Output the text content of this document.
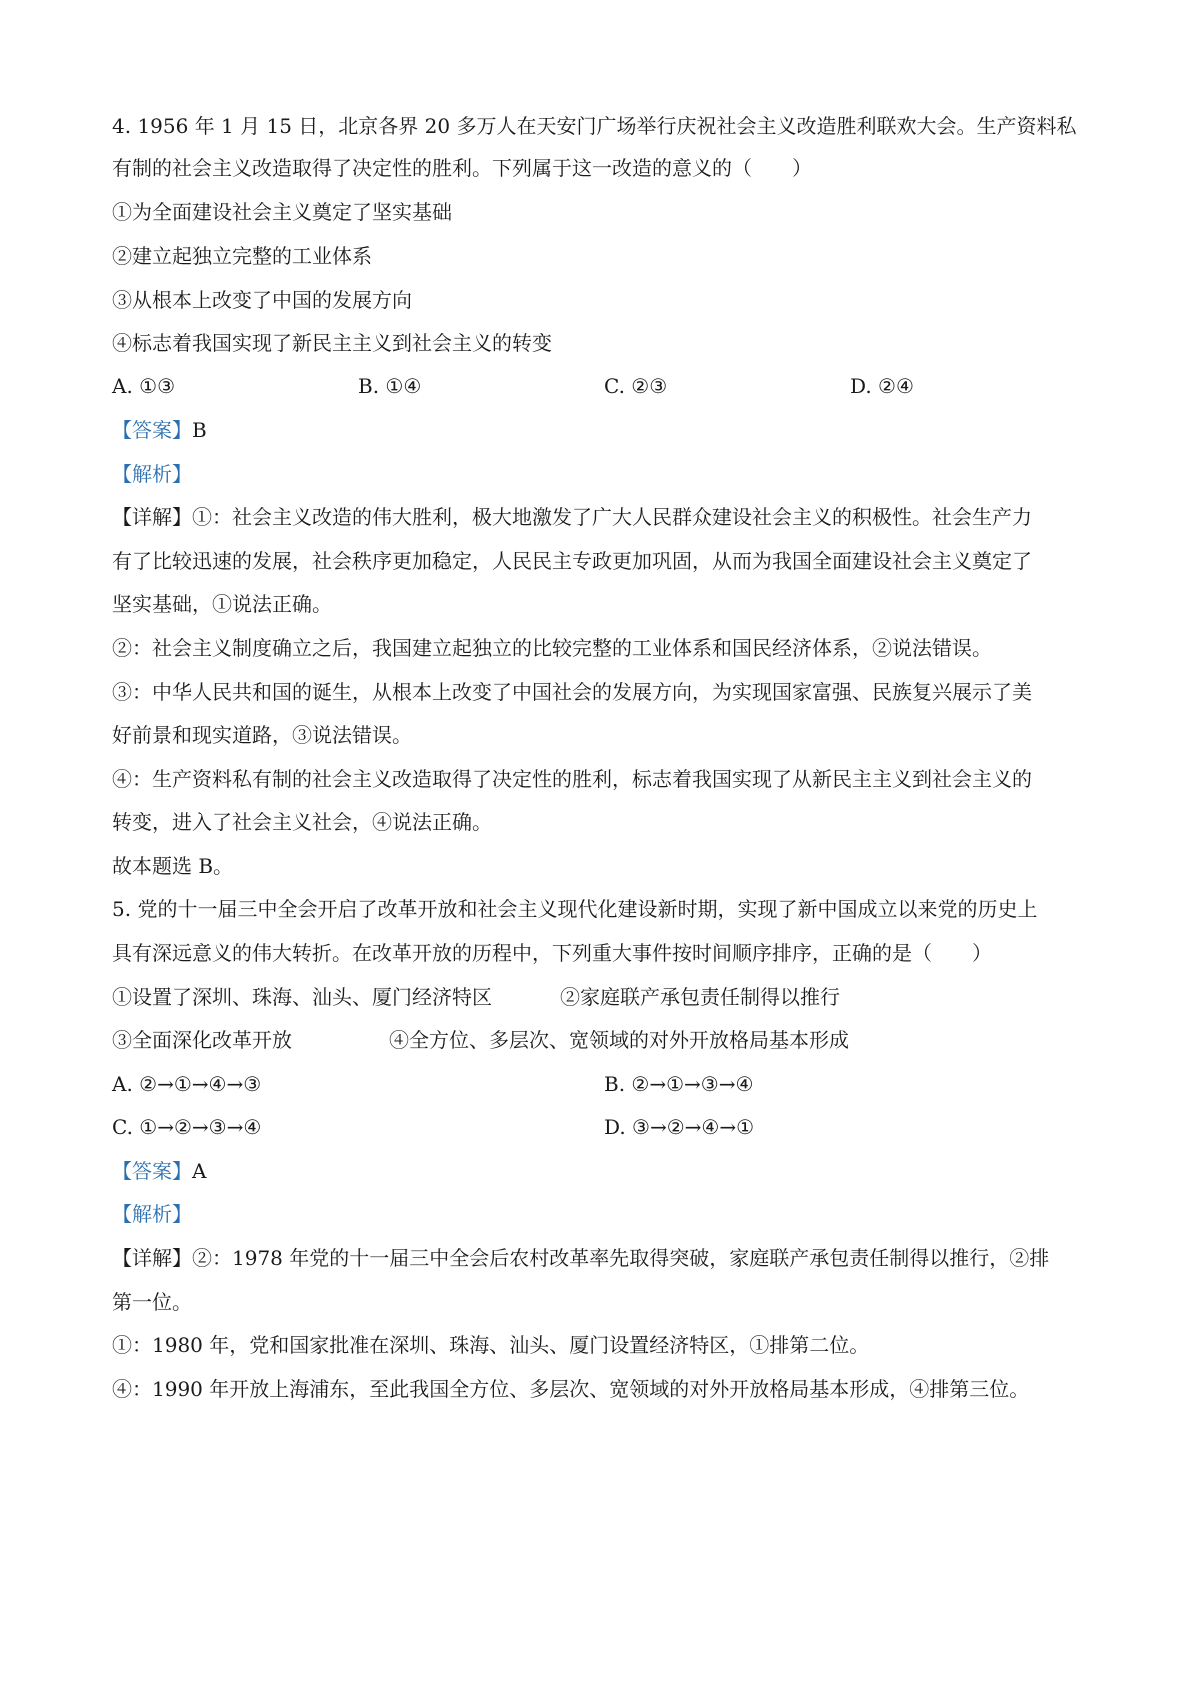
4. 1956 年 1 月 15 日，北京各界 20 多万人在天安门广场举行庆祝社会主义改造胜利联欢大会。生产资料私
有制的社会主义改造取得了决定性的胜利。下列属于这一改造的意义的（　　）
①为全面建设社会主义奠定了坚实基础
②建立起独立完整的工业体系
③从根本上改变了中国的发展方向
④标志着我国实现了新民主主义到社会主义的转变
A. ①③	B. ①④	C. ②③	D. ②④
【答案】B
【解析】
【详解】①：社会主义改造的伟大胜利，极大地激发了广大人民群众建设社会主义的积极性。社会生产力
有了比较迅速的发展，社会秩序更加稳定，人民民主专政更加巩固，从而为我国全面建设社会主义奠定了
坚实基础，①说法正确。
②：社会主义制度确立之后，我国建立起独立的比较完整的工业体系和国民经济体系，②说法错误。
③：中华人民共和国的诞生，从根本上改变了中国社会的发展方向，为实现国家富强、民族复兴展示了美
好前景和现实道路，③说法错误。
④：生产资料私有制的社会主义改造取得了决定性的胜利，标志着我国实现了从新民主主义到社会主义的
转变，进入了社会主义社会，④说法正确。
故本题选 B。
5. 党的十一届三中全会开启了改革开放和社会主义现代化建设新时期，实现了新中国成立以来党的历史上
具有深远意义的伟大转折。在改革开放的历程中，下列重大事件按时间顺序排序，正确的是（　　）
①设置了深圳、珠海、汕头、厦门经济特区	②家庭联产承包责任制得以推行
③全面深化改革开放	④全方位、多层次、宽领域的对外开放格局基本形成
A. ②→①→④→③	B. ②→①→③→④
C. ①→②→③→④	D. ③→②→④→①
【答案】A
【解析】
【详解】②：1978 年党的十一届三中全会后农村改革率先取得突破，家庭联产承包责任制得以推行，②排
第一位。
①：1980 年，党和国家批准在深圳、珠海、汕头、厦门设置经济特区，①排第二位。
④：1990 年开放上海浦东，至此我国全方位、多层次、宽领域的对外开放格局基本形成，④排第三位。
